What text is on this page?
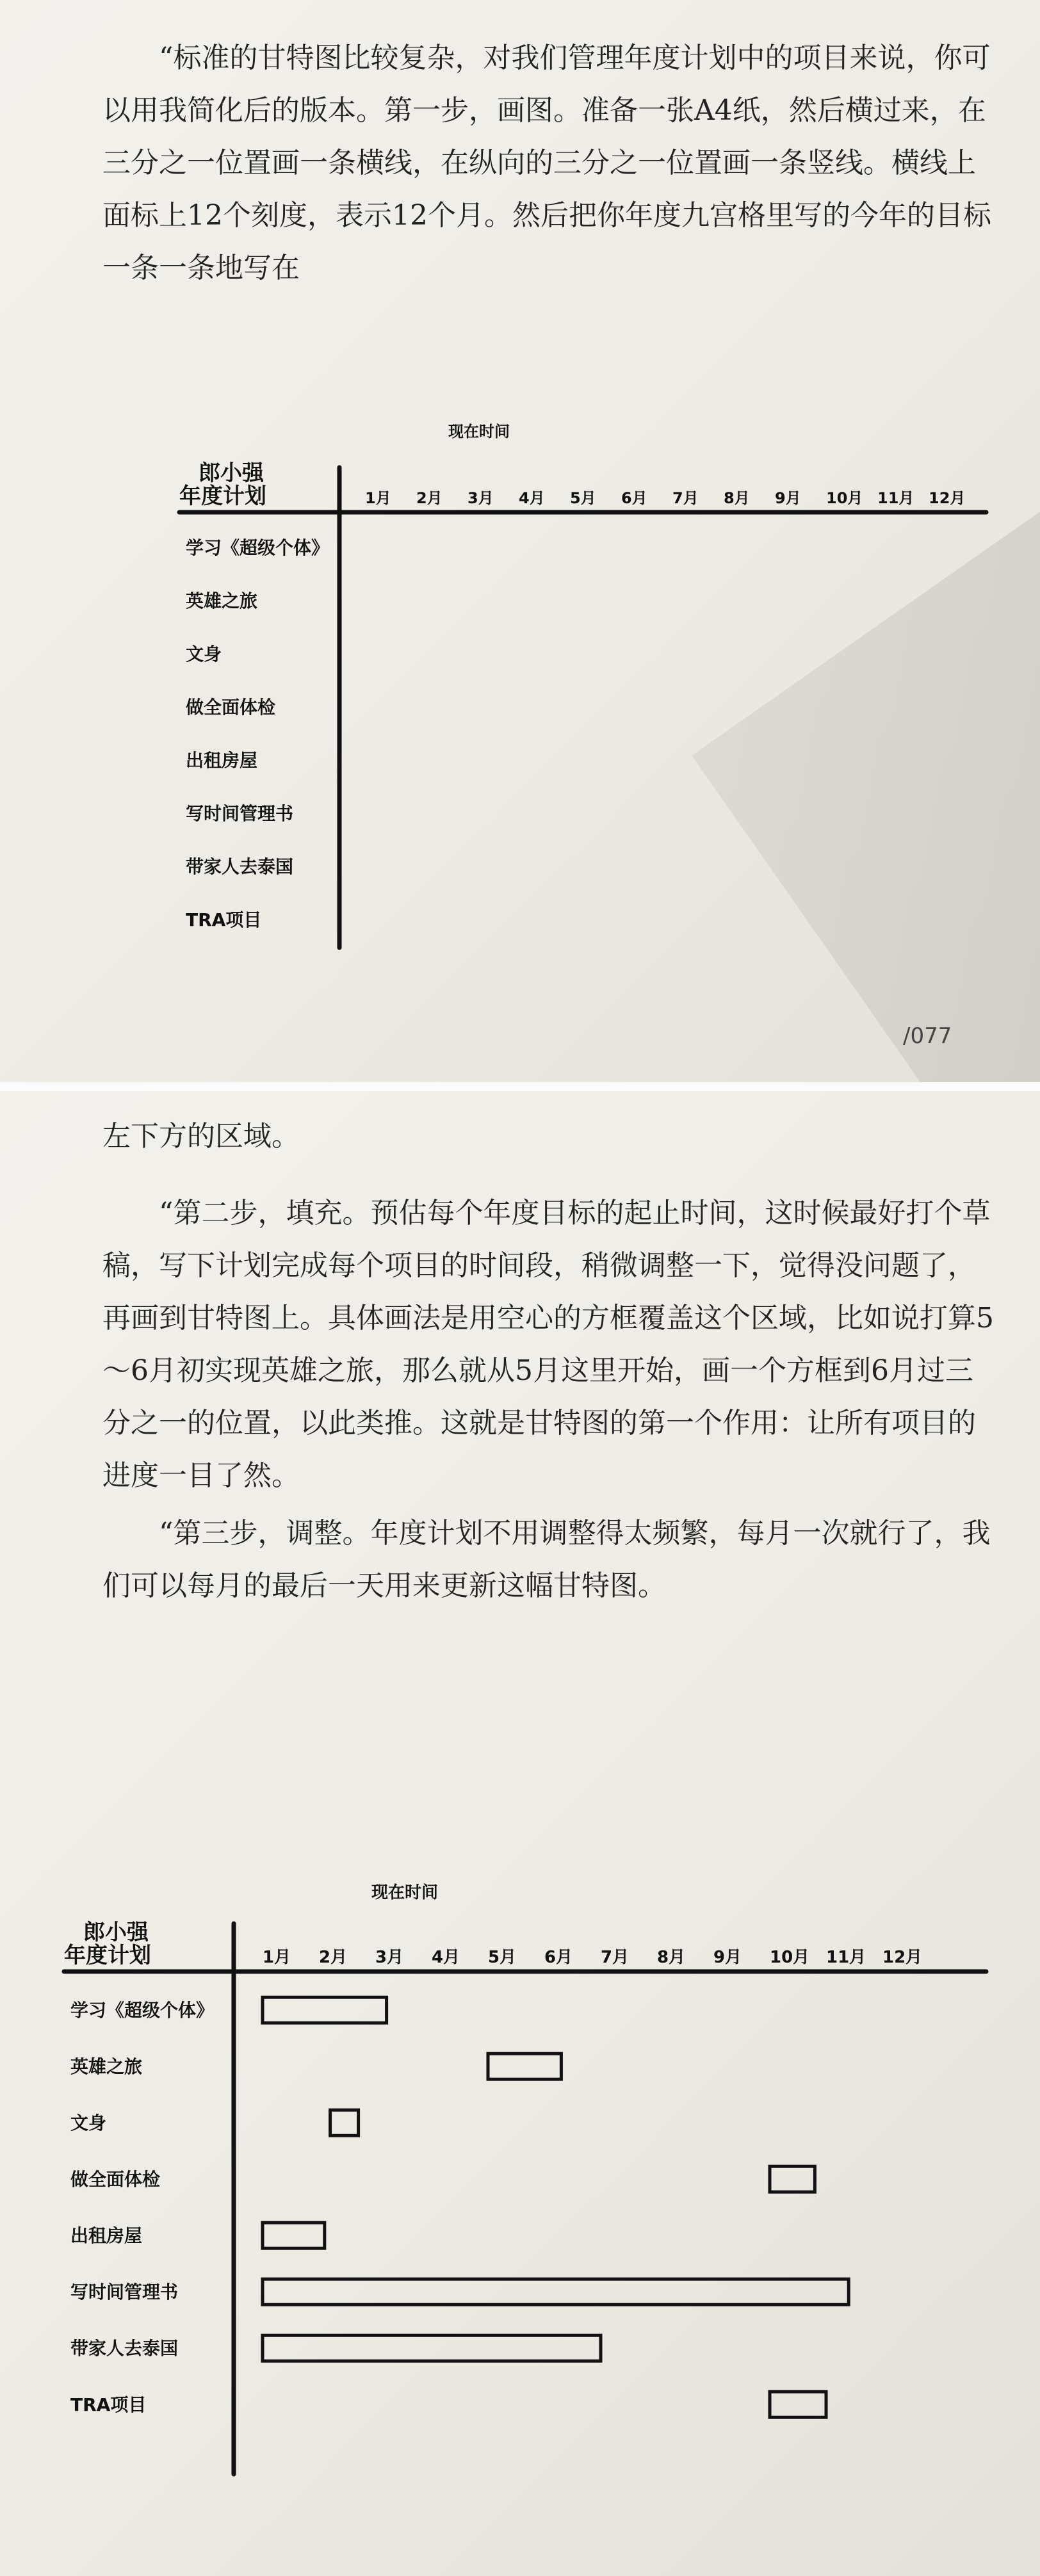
“标准的甘特图比较复杂，对我们管理年度计划中的项目来说，你可以用我简化后的版本。第一步，画图。准备一张A4纸，然后横过来，在三分之一位置画一条横线，在纵向的三分之一位置画一条竖线。横线上面标上12个刻度，表示12个月。然后把你年度九宫格里写的今年的目标一条一条地写在

现在时间
郎小强
年度计划	1月 2月 3月 4月 5月 6月 7月 8月 9月 10月 11月 12月
学习《超级个体》
英雄之旅
文身
做全面体检
出租房屋
写时间管理书
带家人去泰国
TRA项目
/077

左下方的区域。

“第二步，填充。预估每个年度目标的起止时间，这时候最好打个草稿，写下计划完成每个项目的时间段，稍微调整一下，觉得没问题了，再画到甘特图上。具体画法是用空心的方框覆盖这个区域，比如说打算5～6月初实现英雄之旅，那么就从5月这里开始，画一个方框到6月过三分之一的位置，以此类推。这就是甘特图的第一个作用：让所有项目的进度一目了然。

“第三步，调整。年度计划不用调整得太频繁，每月一次就行了，我们可以每月的最后一天用来更新这幅甘特图。

现在时间
郎小强
年度计划	1月 2月 3月 4月 5月 6月 7月 8月 9月 10月 11月 12月
学习《超级个体》
英雄之旅
文身
做全面体检
出租房屋
写时间管理书
带家人去泰国
TRA项目
